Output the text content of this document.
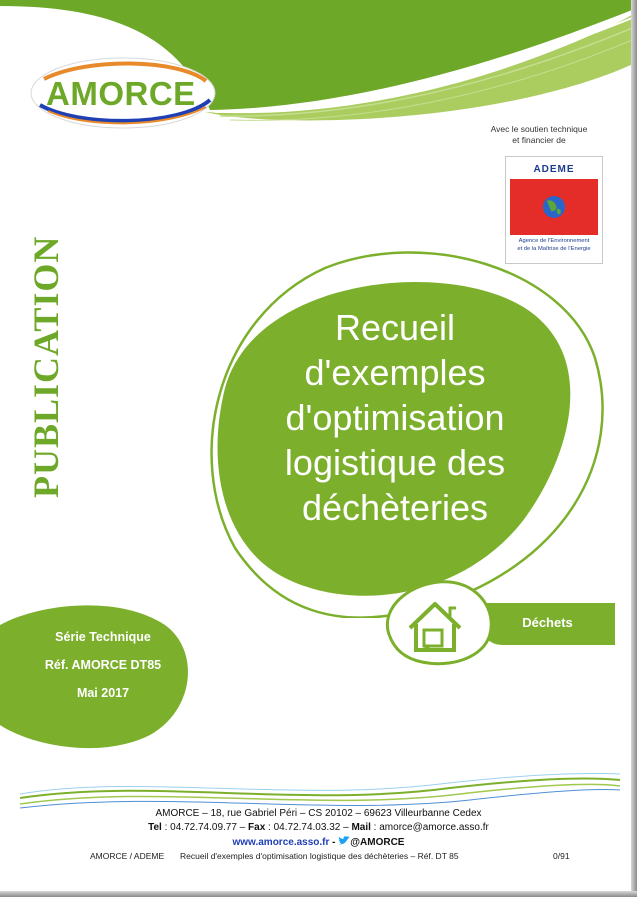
AMORCE
Avec le soutien technique
et financier de
ADEME
Agence de l'Environnement
et de la Maîtrise de l'Energie
PUBLICATION	Recueil
d'exemples
d'optimisation
logistique des
déchèteries
Série Technique
Réf. AMORCE DT85
Mai 2017
Déchets
AMORCE – 18, rue Gabriel Péri – CS 20102 – 69623 Villeurbanne Cedex
Tel : 04.72.74.09.77 – Fax : 04.72.74.03.32 – Mail : amorce@amorce.asso.fr
www.amorce.asso.fr - @AMORCE
AMORCE / ADEME Recueil d'exemples d'optimisation logistique des déchèteries – Réf. DT 85	0/91
